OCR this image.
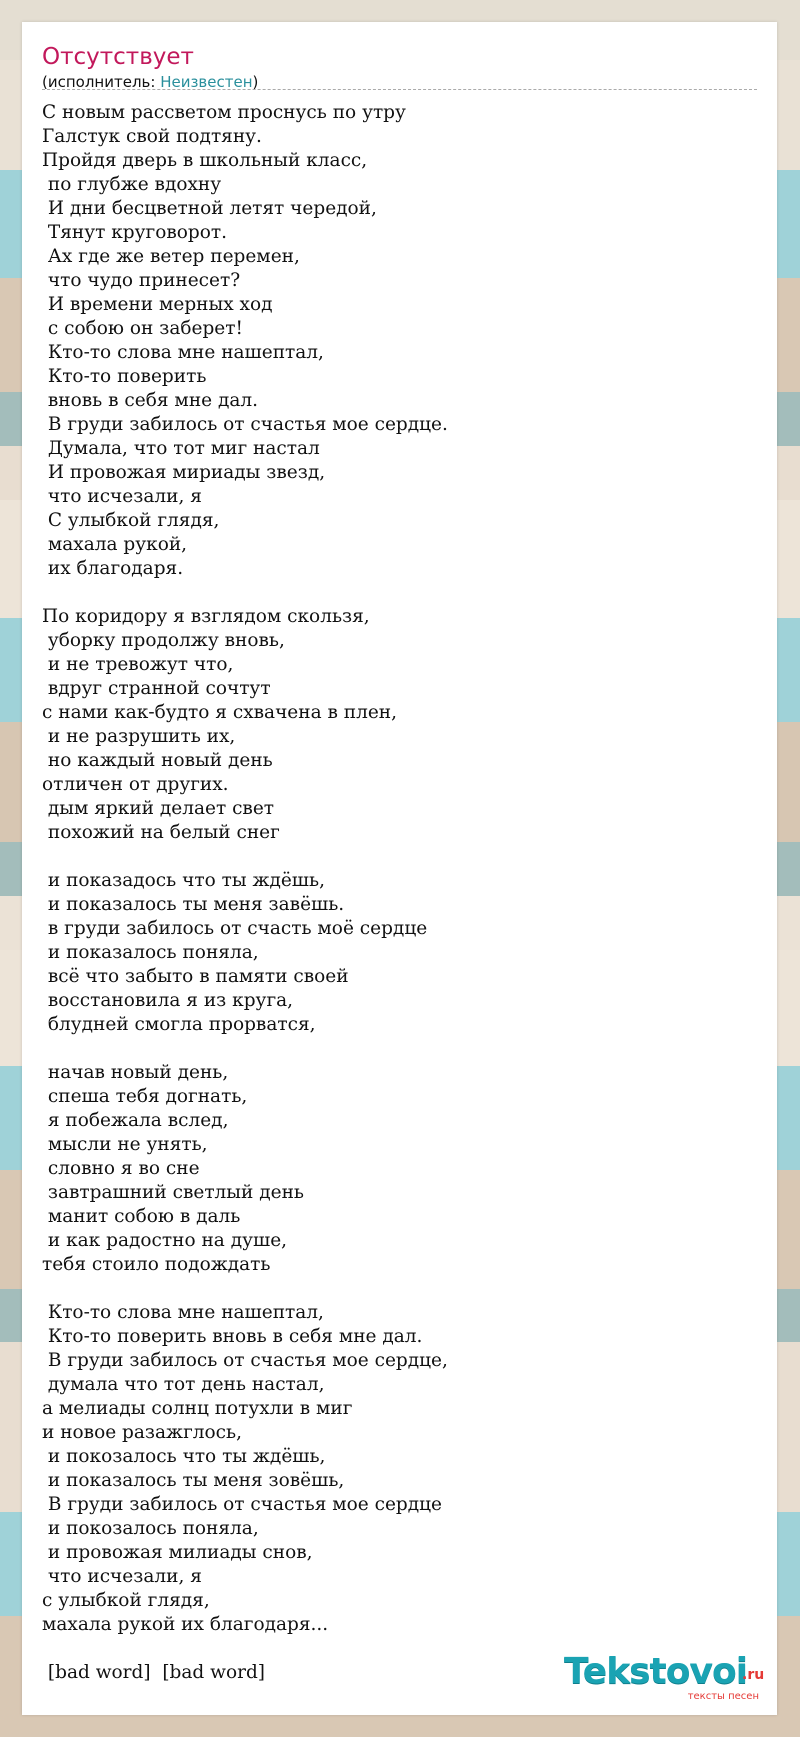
Отсутствует
(исполнитель: Неизвестен)
С новым рассветом проснусь по утру
Галстук свой подтяну.
Пройдя дверь в школьный класс,
по глубже вдохну
И дни бесцветной летят чередой,
Тянут круговорот.
Ах где же ветер перемен,
что чудо принесет?
И времени мерных ход
с собою он заберет!
Кто-то слова мне нашептал,
Кто-то поверить
вновь в себя мне дал.
В груди забилось от счастья мое сердце.
Думала, что тот миг настал
И провожая мириады звезд,
что исчезали, я
С улыбкой глядя,
махала рукой,
их благодаря.

По коридору я взглядом скользя,
уборку продолжу вновь,
и не тревожут что,
вдруг странной сочтут
с нами как-будто я схвачена в плен,
и не разрушить их,
но каждый новый день
отличен от других.
дым яркий делает свет
похожий на белый снег

и показадось что ты ждёшь,
и показалось ты меня завёшь.
в груди забилось от счасть моё сердце
и показалось поняла,
всё что забыто в памяти своей
восстановила я из круга,
блудней смогла прорватся,

начав новый день,
спеша тебя догнать,
я побежала вслед,
мысли не унять,
словно я во сне
завтрашний светлый день
манит собою в даль
и как радостно на душе,
тебя стоило подождать

Кто-то слова мне нашептал,
Кто-то поверить вновь в себя мне дал.
В груди забилось от счастья мое сердце,
думала что тот день настал,
а мелиады солнц потухли в миг
и новое разажглось,
и покозалось что ты ждёшь,
и показалось ты меня зовёшь,
В груди забилось от счастья мое сердце
и покозалось поняла,
и провожая милиады снов,
что исчезали, я
с улыбкой глядя,
махала рукой их благодаря...

[bad word]  [bad word]	Tekstovoi
.ru
тексты песен
